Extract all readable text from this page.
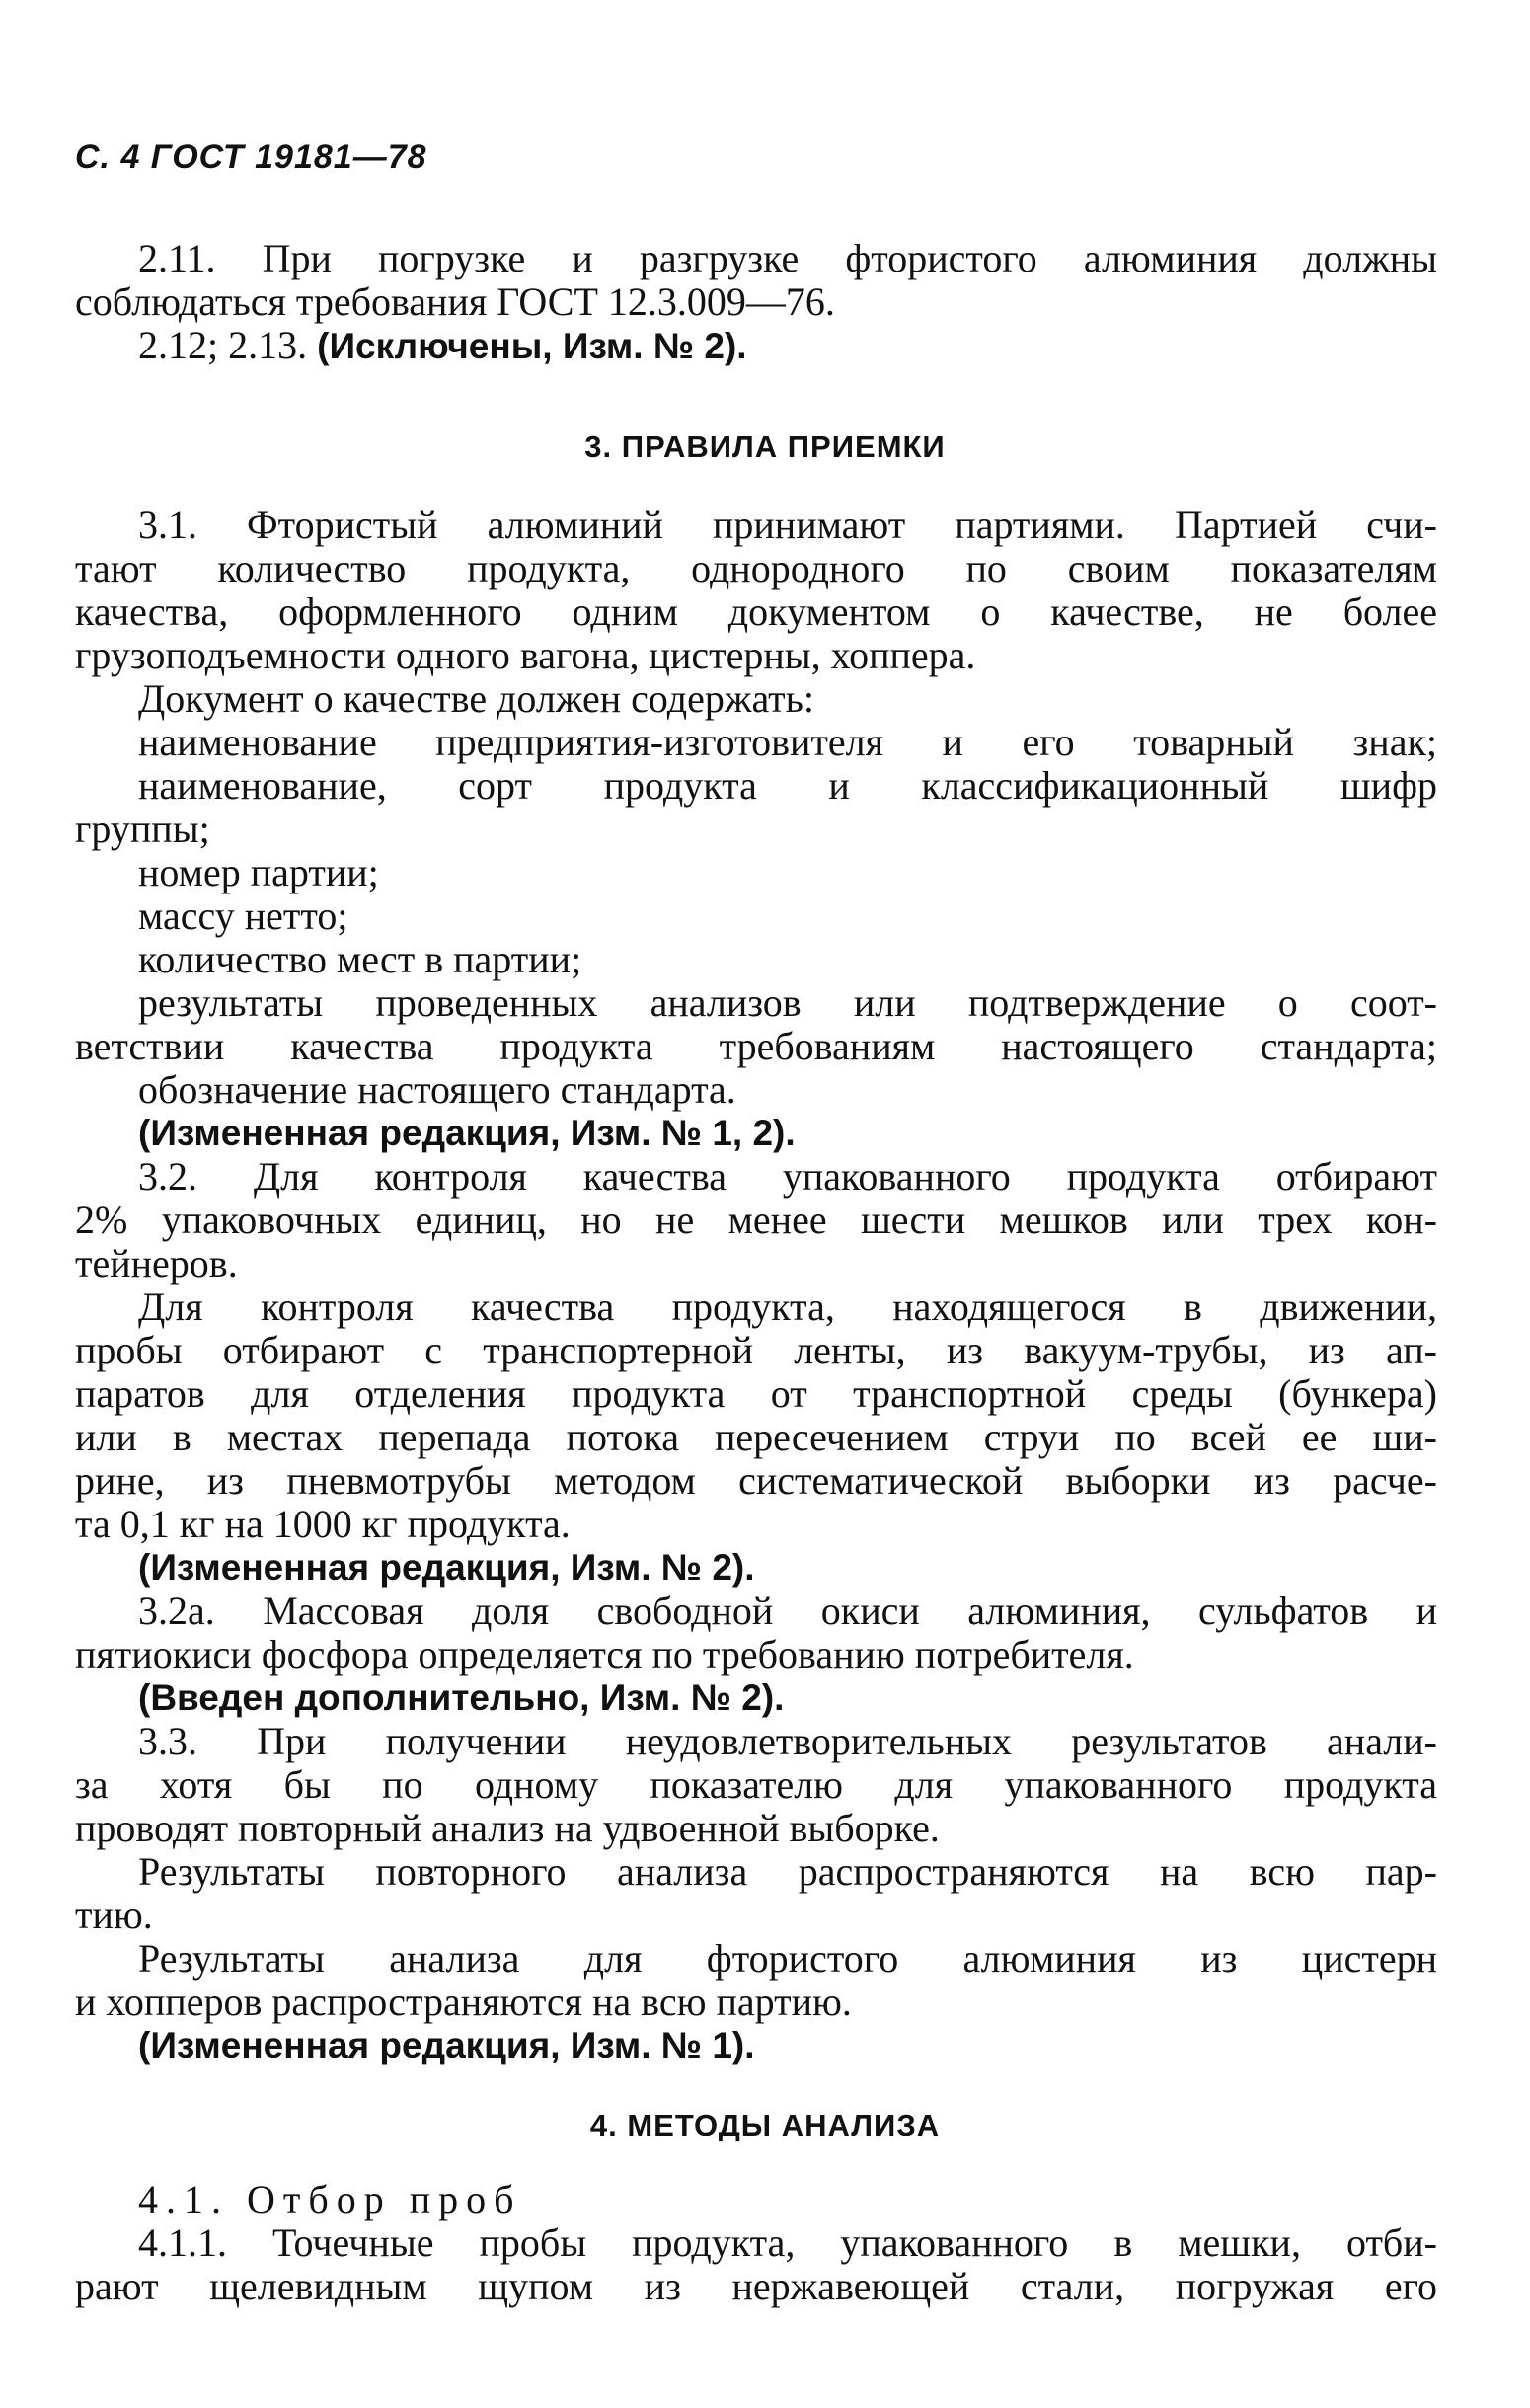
С. 4 ГОСТ 19181—78
2.11. При погрузке и разгрузке фтористого алюминия должны
соблюдаться требования ГОСТ 12.3.009—76.
2.12; 2.13. (Исключены, Изм. № 2).
3. ПРАВИЛА ПРИЕМКИ
3.1. Фтористый алюминий принимают партиями. Партией счи-
тают количество продукта, однородного по своим показателям
качества, оформленного одним документом о качестве, не более
грузоподъемности одного вагона, цистерны, хоппера.
Документ о качестве должен содержать:
наименование предприятия-изготовителя и его товарный знак;
наименование, сорт продукта и классификационный шифр
группы;
номер партии;
массу нетто;
количество мест в партии;
результаты проведенных анализов или подтверждение о соот-
ветствии качества продукта требованиям настоящего стандарта;
обозначение настоящего стандарта.
(Измененная редакция, Изм. № 1, 2).
3.2. Для контроля качества упакованного продукта отбирают
2% упаковочных единиц, но не менее шести мешков или трех кон-
тейнеров.
Для контроля качества продукта, находящегося в движении,
пробы отбирают с транспортерной ленты, из вакуум-трубы, из ап-
паратов для отделения продукта от транспортной среды (бункера)
или в местах перепада потока пересечением струи по всей ее ши-
рине, из пневмотрубы методом систематической выборки из расче-
та 0,1 кг на 1000 кг продукта.
(Измененная редакция, Изм. № 2).
3.2а. Массовая доля свободной окиси алюминия, сульфатов и
пятиокиси фосфора определяется по требованию потребителя.
(Введен дополнительно, Изм. № 2).
3.3. При получении неудовлетворительных результатов анали-
за хотя бы по одному показателю для упакованного продукта
проводят повторный анализ на удвоенной выборке.
Результаты повторного анализа распространяются на всю пар-
тию.
Результаты анализа для фтористого алюминия из цистерн
и хопперов распространяются на всю партию.
(Измененная редакция, Изм. № 1).
4. МЕТОДЫ АНАЛИЗА
4.1. Отбор проб
4.1.1. Точечные пробы продукта, упакованного в мешки, отби-
рают щелевидным щупом из нержавеющей стали, погружая его
